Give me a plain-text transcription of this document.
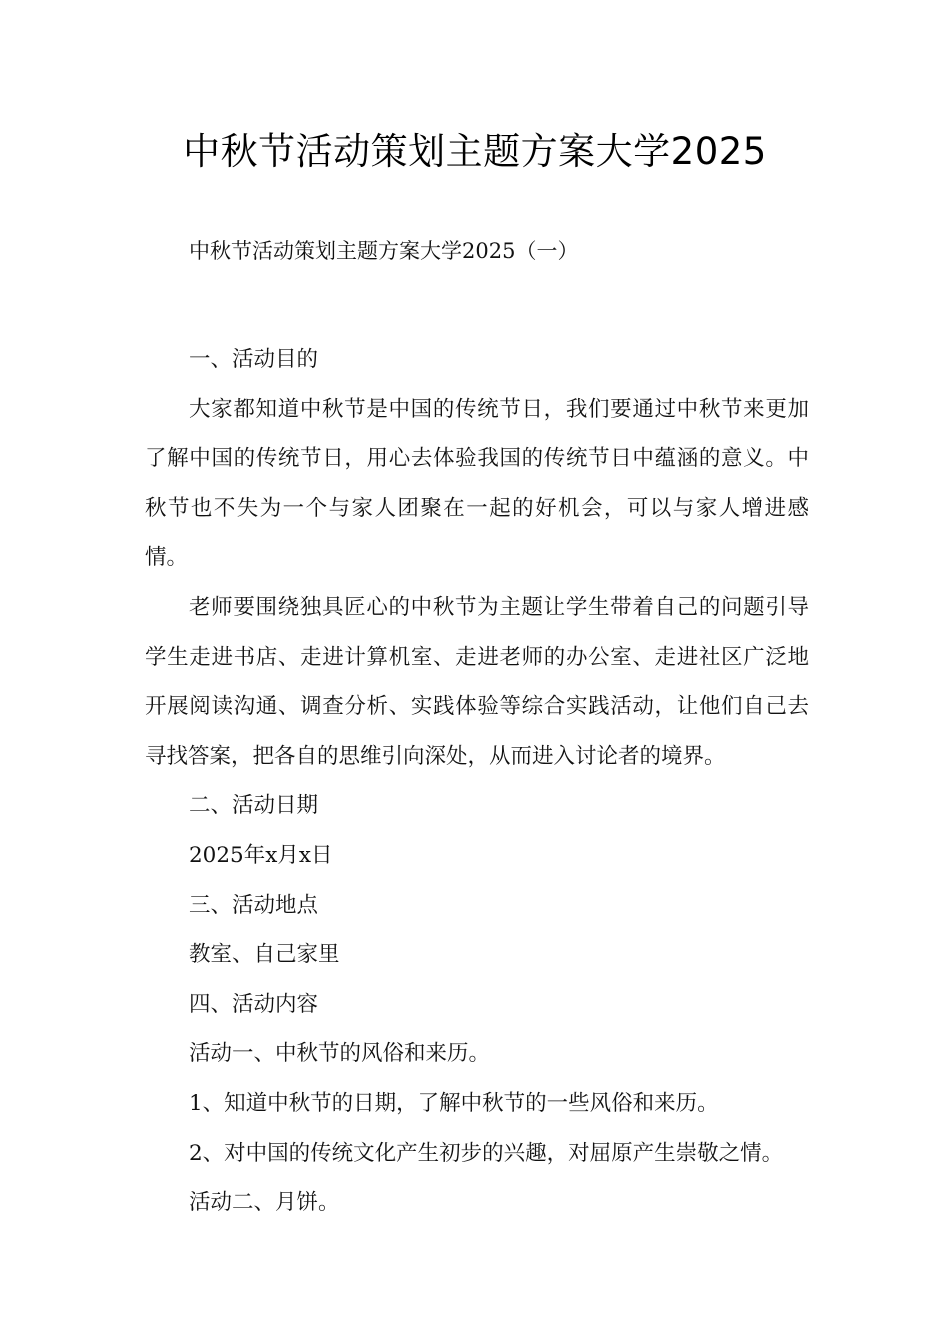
中秋节活动策划主题方案大学2025
中秋节活动策划主题方案大学2025（一）

一、活动目的

大家都知道中秋节是中国的传统节日，我们要通过中秋节来更加了解中国的传统节日，用心去体验我国的传统节日中蕴涵的意义。中秋节也不失为一个与家人团聚在一起的好机会，可以与家人增进感情。

老师要围绕独具匠心的中秋节为主题让学生带着自己的问题引导学生走进书店、走进计算机室、走进老师的办公室、走进社区广泛地开展阅读沟通、调查分析、实践体验等综合实践活动，让他们自己去寻找答案，把各自的思维引向深处，从而进入讨论者的境界。

二、活动日期

2025年x月x日

三、活动地点

教室、自己家里

四、活动内容

活动一、中秋节的风俗和来历。

1、知道中秋节的日期，了解中秋节的一些风俗和来历。

2、对中国的传统文化产生初步的兴趣，对屈原产生崇敬之情。

活动二、月饼。
